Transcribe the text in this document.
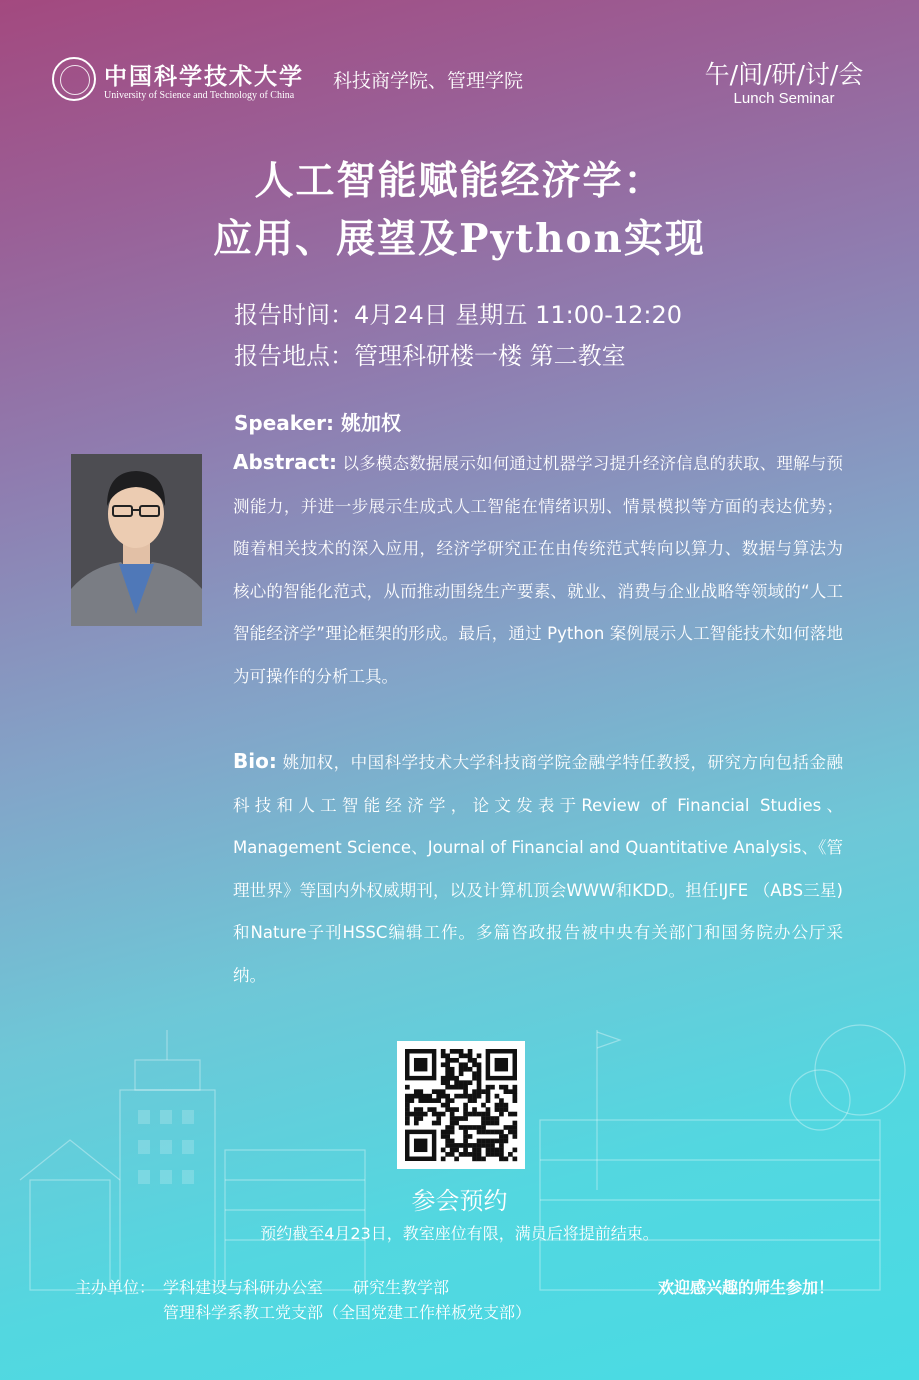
中国科学技术大学
University of Science and Technology of China
科技商学院、管理学院	午/间/研/讨/会
Lunch Seminar
人工智能赋能经济学：
应用、展望及Python实现
报告时间：4月24日 星期五 11:00-12:20
报告地点：管理科研楼一楼 第二教室
Speaker: 姚加权
Abstract: 以多模态数据展示如何通过机器学习提升经济信息的获取、理解与预测能力，并进一步展示生成式人工智能在情绪识别、情景模拟等方面的表达优势；随着相关技术的深入应用，经济学研究正在由传统范式转向以算力、数据与算法为核心的智能化范式，从而推动围绕生产要素、就业、消费与企业战略等领域的“人工智能经济学”理论框架的形成。最后，通过 Python 案例展示人工智能技术如何落地为可操作的分析工具。
Bio: 姚加权，中国科学技术大学科技商学院金融学特任教授，研究方向包括金融科技和人工智能经济学，论文发表于Review of Financial Studies、Management Science、Journal of Financial and Quantitative Analysis、《管理世界》等国内外权威期刊，以及计算机顶会WWW和KDD。担任IJFE （ABS三星)和Nature子刊HSSC编辑工作。多篇咨政报告被中央有关部门和国务院办公厅采纳。
参会预约
预约截至4月23日，教室座位有限，满员后将提前结束。
主办单位： 学科建设与科研办公室 研究生教学部
管理科学系教工党支部（全国党建工作样板党支部）
欢迎感兴趣的师生参加！
